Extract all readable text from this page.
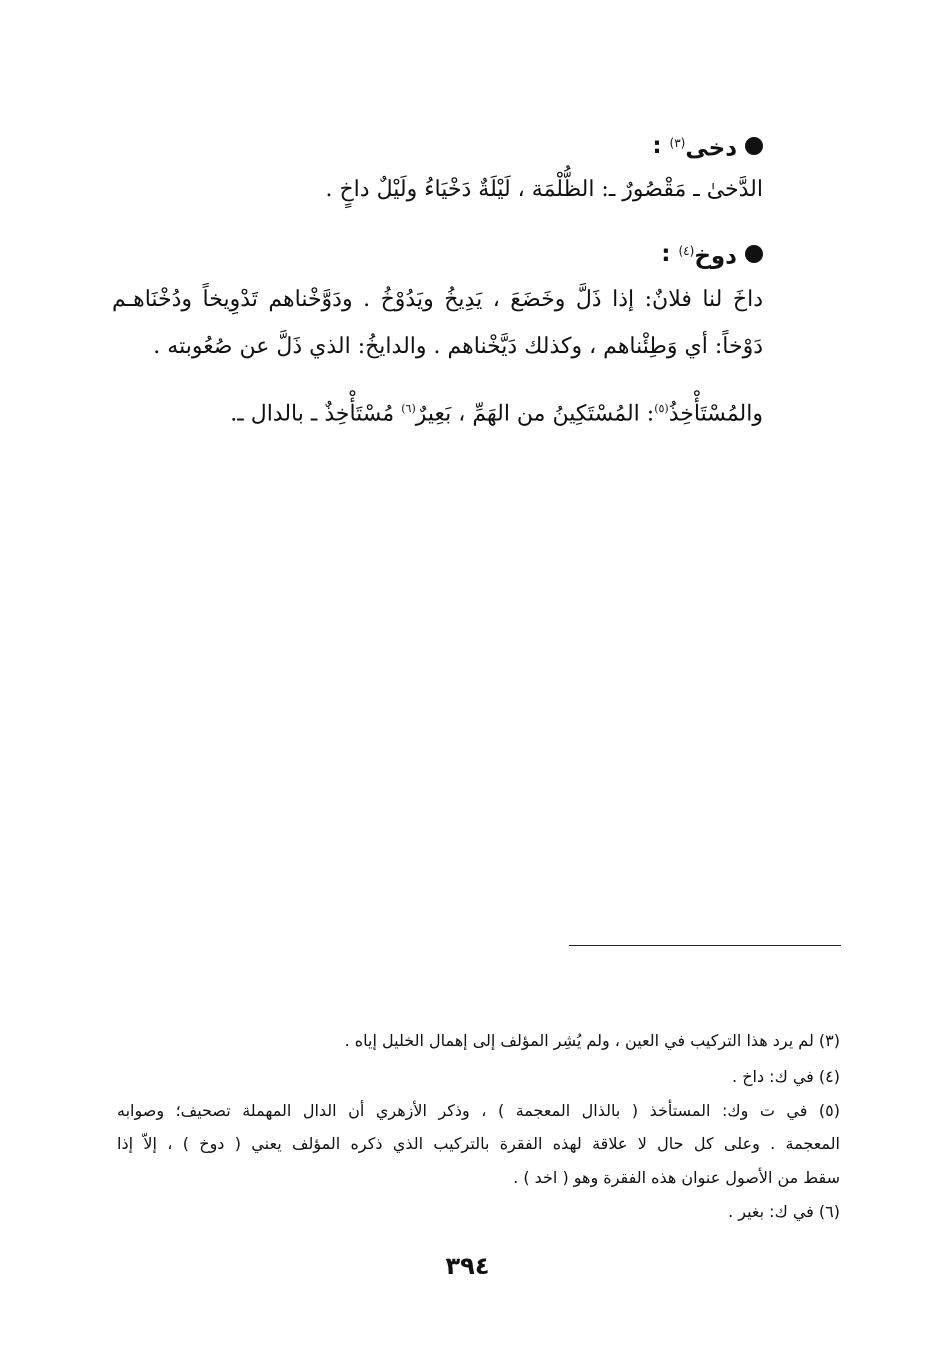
دخى$^{(٣)}$
:
الدَّخىٰ ـ مَقْصُورٌ ـ: الظُّلْمَة ، لَيْلَةٌ دَخْيَاءُ ولَيْلٌ داخٍ .
دوخ$^{(٤)}$
:
داخَ لنا فلانٌ: إذا ذَلَّ وخَضَعَ ، يَدِيخُ ويَدُوْخُ . ودَوَّخْناهم تَدْوِيخاً ودُخْنَاهـم
دَوْخاً: أي وَطِئْناهم ، وكذلك دَيَّخْناهم . والدايخُ: الذي ذَلَّ عن صُعُوبته .
والمُسْتَأْخِذُ$^{(٥)}$: المُسْتَكِينُ من الهَمِّ ، بَعِيرٌ$^{(٦)}$ مُسْتَأْخِذٌ ـ بالدال ـ.
(٣) لم يرد هذا التركيب في العين ، ولم يُشِر المؤلف إلى إهمال الخليل إياه .
(٤) في ك: داخ .
(٥) في ت وك: المستأخذ ( بالذال المعجمة ) ، وذكر الأزهري أن الدال المهملة تصحيف؛ وصوابه
المعجمة . وعلى كل حال لا علاقة لهذه الفقرة بالتركيب الذي ذكره المؤلف يعني ( دوخ ) ، إلاّ إذا
سقط من الأصول عنوان هذه الفقرة وهو ( اخد ) .
(٦) في ك: بغير .
٣٩٤
